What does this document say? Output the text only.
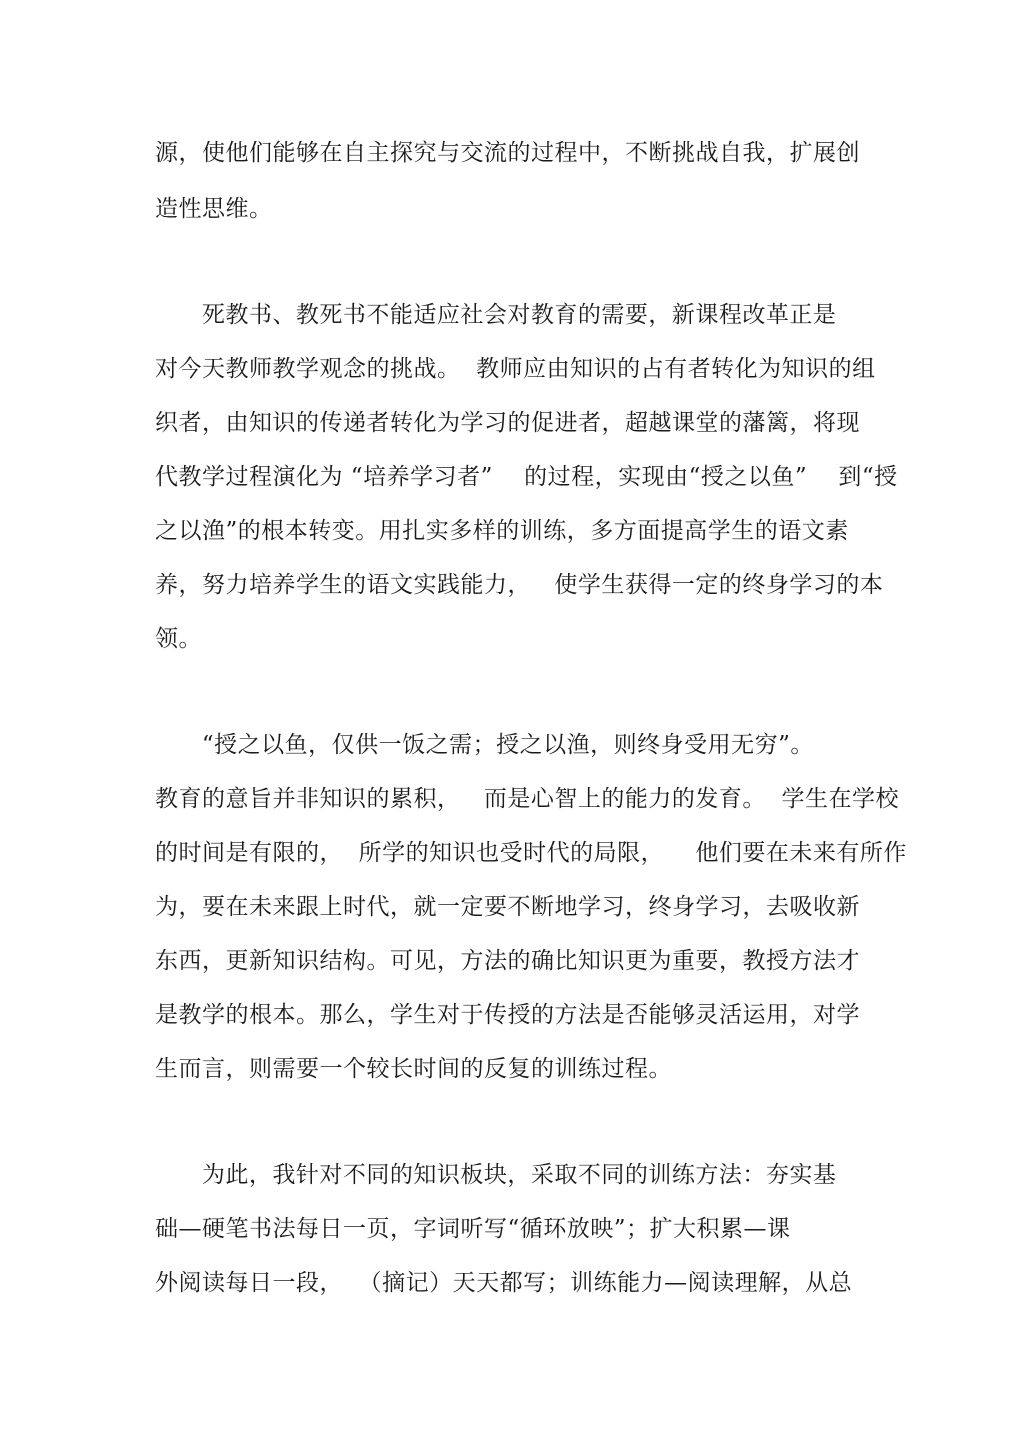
源，使他们能够在自主探究与交流的过程中，不断挑战自我，扩展创
造性思维。
死教书、教死书不能适应社会对教育的需要，新课程改革正是
对今天教师教学观念的挑战。  教师应由知识的占有者转化为知识的组
织者，由知识的传递者转化为学习的促进者，超越课堂的藩篱，将现
代教学过程演化为 “培养学习者”    的过程，实现由“授之以鱼”    到“授
之以渔”的根本转变。用扎实多样的训练，多方面提高学生的语文素
养，努力培养学生的语文实践能力，   使学生获得一定的终身学习的本
领。
“授之以鱼，仅供一饭之需；授之以渔，则终身受用无穷”。
教育的意旨并非知识的累积，   而是心智上的能力的发育。  学生在学校
的时间是有限的，  所学的知识也受时代的局限，    他们要在未来有所作
为，要在未来跟上时代，就一定要不断地学习，终身学习，去吸收新
东西，更新知识结构。可见，方法的确比知识更为重要，教授方法才
是教学的根本。那么，学生对于传授的方法是否能够灵活运用，对学
生而言，则需要一个较长时间的反复的训练过程。
为此，我针对不同的知识板块，采取不同的训练方法：夯实基
础—硬笔书法每日一页，字词听写“循环放映”；扩大积累—课
外阅读每日一段，  （摘记）天天都写；训练能力—阅读理解，从总
